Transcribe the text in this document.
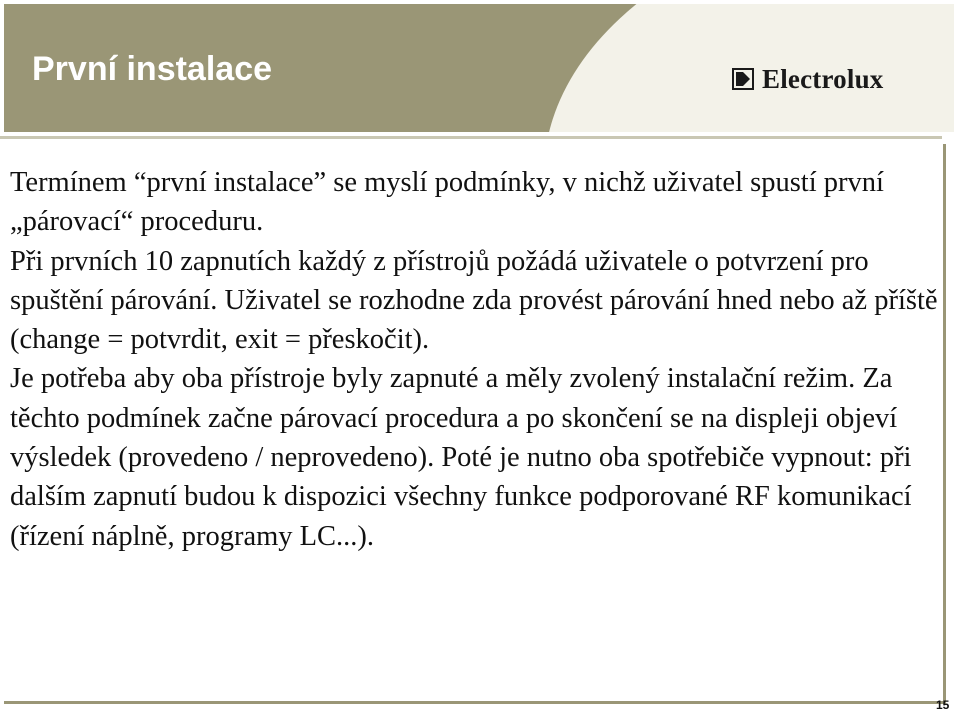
První instalace	Electrolux

Termínem “první instalace” se myslí podmínky, v nichž uživatel spustí první „párovací“ proceduru.

Při prvních 10 zapnutích každý z přístrojů požádá uživatele o potvrzení pro spuštění párování. Uživatel se rozhodne zda provést párování hned nebo až příště (change = potvrdit, exit = přeskočit).

Je potřeba aby oba přístroje byly zapnuté a měly zvolený instalační režim. Za těchto podmínek začne párovací procedura a po skončení se na displeji objeví výsledek (provedeno / neprovedeno). Poté je nutno oba spotřebiče vypnout: při dalším zapnutí budou k dispozici všechny funkce podporované RF komunikací (řízení náplně, programy LC...).

15
